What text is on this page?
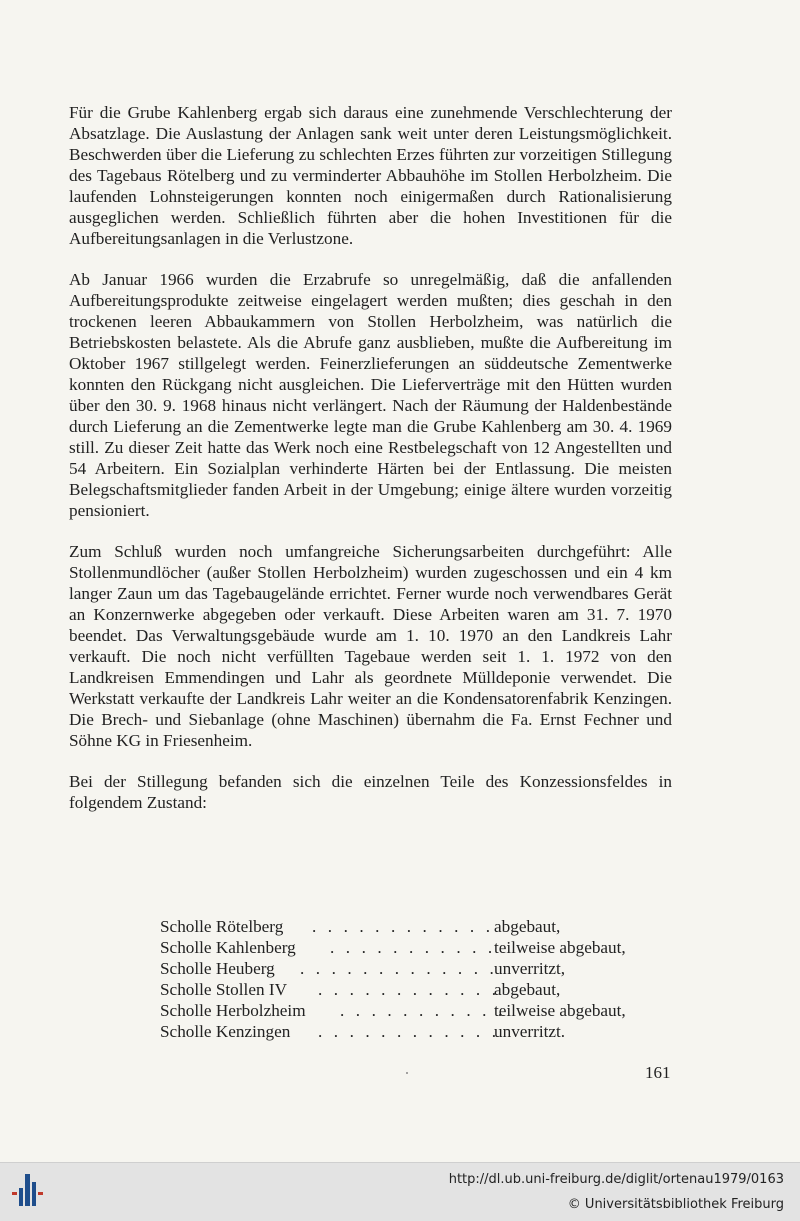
Für die Grube Kahlenberg ergab sich daraus eine zunehmende Verschlechterung der Absatzlage. Die Auslastung der Anlagen sank weit unter deren Leistungsmöglichkeit. Beschwerden über die Lieferung zu schlechten Erzes führten zur vorzeitigen Stillegung des Tagebaus Rötelberg und zu verminderter Abbauhöhe im Stollen Herbolzheim. Die laufenden Lohnsteigerungen konnten noch einigermaßen durch Rationalisierung ausgeglichen werden. Schließlich führten aber die hohen Investitionen für die Aufbereitungsanlagen in die Verlustzone.

Ab Januar 1966 wurden die Erzabrufe so unregelmäßig, daß die anfallenden Aufbereitungsprodukte zeitweise eingelagert werden mußten; dies geschah in den trockenen leeren Abbaukammern von Stollen Herbolzheim, was natürlich die Betriebskosten belastete. Als die Abrufe ganz ausblieben, mußte die Aufbereitung im Oktober 1967 stillgelegt werden. Feinerzlieferungen an süddeutsche Zementwerke konnten den Rückgang nicht ausgleichen. Die Lieferverträge mit den Hütten wurden über den 30. 9. 1968 hinaus nicht verlängert. Nach der Räumung der Haldenbestände durch Lieferung an die Zementwerke legte man die Grube Kahlenberg am 30. 4. 1969 still. Zu dieser Zeit hatte das Werk noch eine Restbelegschaft von 12 Angestellten und 54 Arbeitern. Ein Sozialplan verhinderte Härten bei der Entlassung. Die meisten Belegschaftsmitglieder fanden Arbeit in der Umgebung; einige ältere wurden vorzeitig pensioniert.

Zum Schluß wurden noch umfangreiche Sicherungsarbeiten durchgeführt: Alle Stollenmundlöcher (außer Stollen Herbolzheim) wurden zugeschossen und ein 4 km langer Zaun um das Tagebaugelände errichtet. Ferner wurde noch verwendbares Gerät an Konzernwerke abgegeben oder verkauft. Diese Arbeiten waren am 31. 7. 1970 beendet. Das Verwaltungsgebäude wurde am 1. 10. 1970 an den Landkreis Lahr verkauft. Die noch nicht verfüllten Tagebaue werden seit 1. 1. 1972 von den Landkreisen Emmendingen und Lahr als geordnete Mülldeponie verwendet. Die Werkstatt verkaufte der Landkreis Lahr weiter an die Kondensatorenfabrik Kenzingen. Die Brech- und Siebanlage (ohne Maschinen) übernahm die Fa. Ernst Fechner und Söhne KG in Friesenheim.

Bei der Stillegung befanden sich die einzelnen Teile des Konzessionsfeldes in folgendem Zustand:

Scholle Rötelberg . . . . . . . . . . . . abgebaut,
Scholle Kahlenberg . . . . . . . . . . .
teilweise abgebaut,
Scholle Heuberg . . . . . . . . . . . . .
unverritzt,
Scholle Stollen IV . . . . . . . . . . . .
abgebaut,
Scholle Herbolzheim . . . . . . . . . . .
teilweise abgebaut,
Scholle Kenzingen . . . . . . . . . . . .
unverritzt.
161
http://dl.ub.uni-freiburg.de/diglit/ortenau1979/0163
© Universitätsbibliothek Freiburg
